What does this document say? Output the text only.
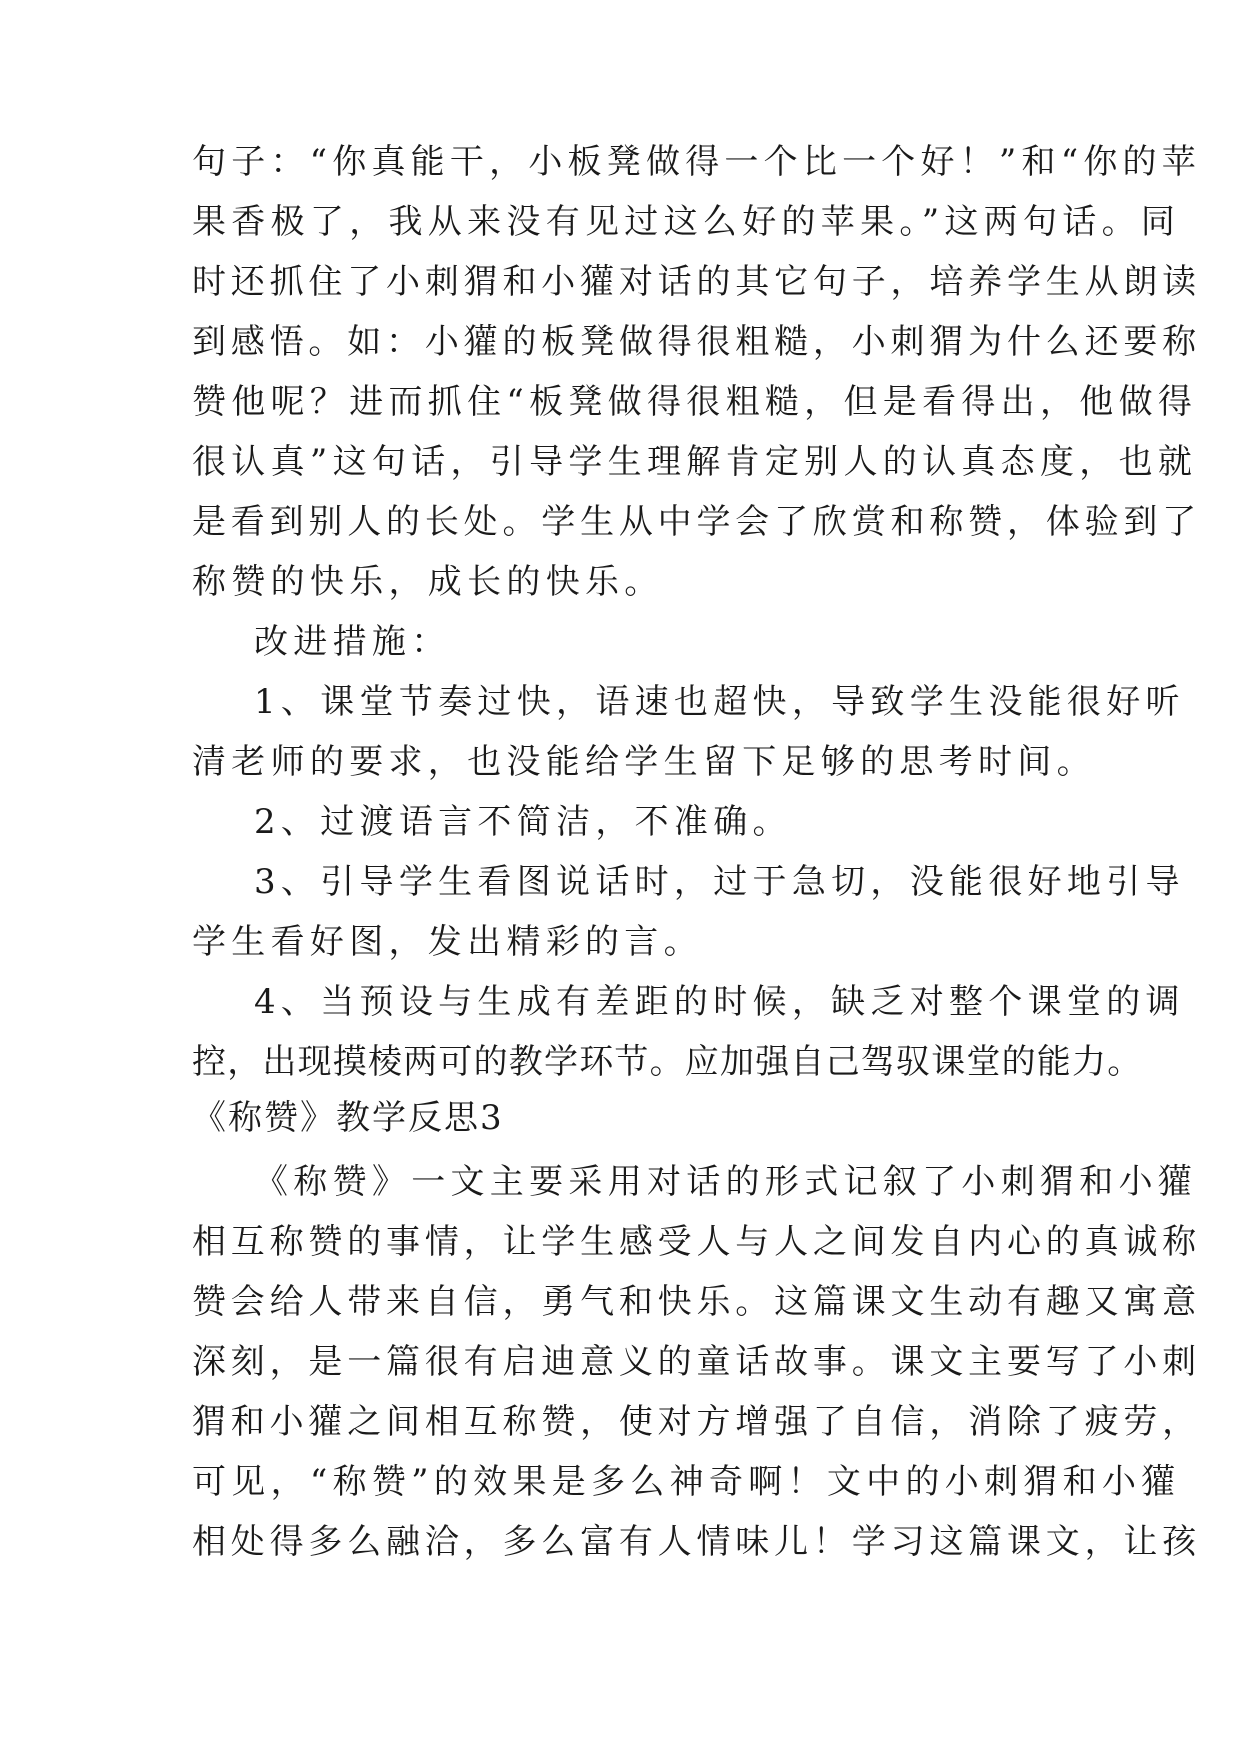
句子：“你真能干，小板凳做得一个比一个好！”和“你的苹
果香极了，我从来没有见过这么好的苹果。”这两句话。同
时还抓住了小刺猬和小獾对话的其它句子，培养学生从朗读
到感悟。如：小獾的板凳做得很粗糙，小刺猬为什么还要称
赞他呢？进而抓住“板凳做得很粗糙，但是看得出，他做得
很认真”这句话，引导学生理解肯定别人的认真态度，也就
是看到别人的长处。学生从中学会了欣赏和称赞，体验到了
称赞的快乐，成长的快乐。
改进措施：
1、课堂节奏过快，语速也超快，导致学生没能很好听
清老师的要求，也没能给学生留下足够的思考时间。
2、过渡语言不简洁，不准确。
3、引导学生看图说话时，过于急切，没能很好地引导
学生看好图，发出精彩的言。
4、当预设与生成有差距的时候，缺乏对整个课堂的调
控，出现摸棱两可的教学环节。应加强自己驾驭课堂的能力。
《称赞》教学反思3
《称赞》一文主要采用对话的形式记叙了小刺猬和小獾
相互称赞的事情，让学生感受人与人之间发自内心的真诚称
赞会给人带来自信，勇气和快乐。这篇课文生动有趣又寓意
深刻，是一篇很有启迪意义的童话故事。课文主要写了小刺
猬和小獾之间相互称赞，使对方增强了自信，消除了疲劳，
可见，“称赞”的效果是多么神奇啊！文中的小刺猬和小獾
相处得多么融洽，多么富有人情味儿！学习这篇课文，让孩
